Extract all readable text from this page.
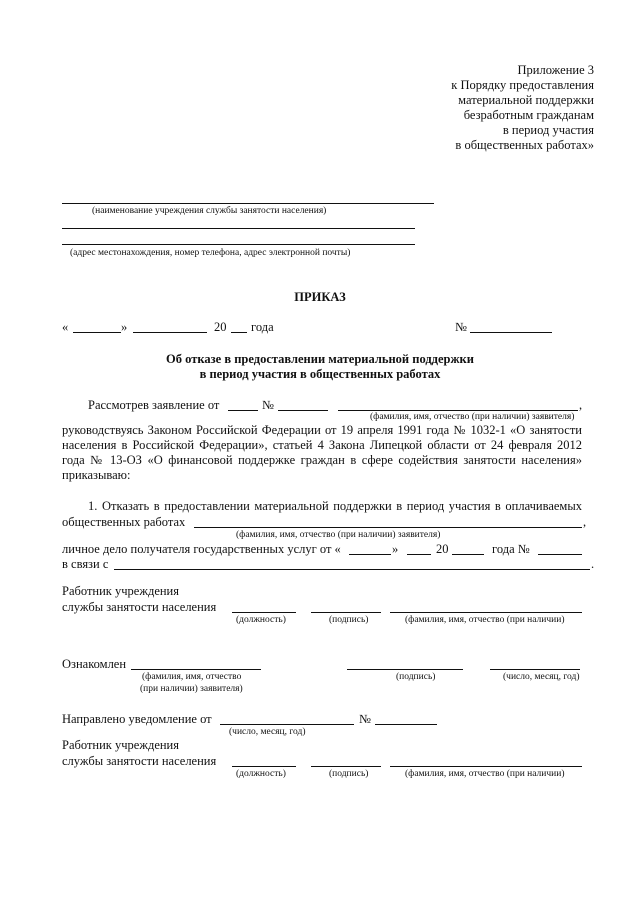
Приложение 3
к Порядку предоставления
материальной поддержки
безработным гражданам
в период участия
в общественных работах»
(наименование учреждения службы занятости населения)
(адрес местонахождения, номер телефона, адрес электронной почты)
ПРИКАЗ
«	»	20 года	№
Об отказе в предоставлении материальной поддержки
в период участия в общественных работах
Рассмотрев заявление от	№	,
(фамилия, имя, отчество (при наличии) заявителя)
руководствуясь Законом Российской Федерации от 19 апреля 1991 года № 1032-1 «О занятости
населения в Российской Федерации», статьей 4 Закона Липецкой области от 24 февраля 2012
года № 13-ОЗ «О финансовой поддержке граждан в сфере содействия занятости населения»
приказываю:
1. Отказать в предоставлении материальной поддержки в период участия в оплачиваемых
общественных работах	,
(фамилия, имя, отчество (при наличии) заявителя)
личное дело получателя государственных услуг от «	»	20	года №
в связи с	.
Работник учреждения
службы занятости населения
(должность)	(подпись)	(фамилия, имя, отчество (при наличии)
Ознакомлен
(фамилия, имя, отчество
(при наличии) заявителя)
(подпись)	(число, месяц, год)
Направлено уведомление от	№
(число, месяц, год)
Работник учреждения
службы занятости населения
(должность)	(подпись)	(фамилия, имя, отчество (при наличии)
